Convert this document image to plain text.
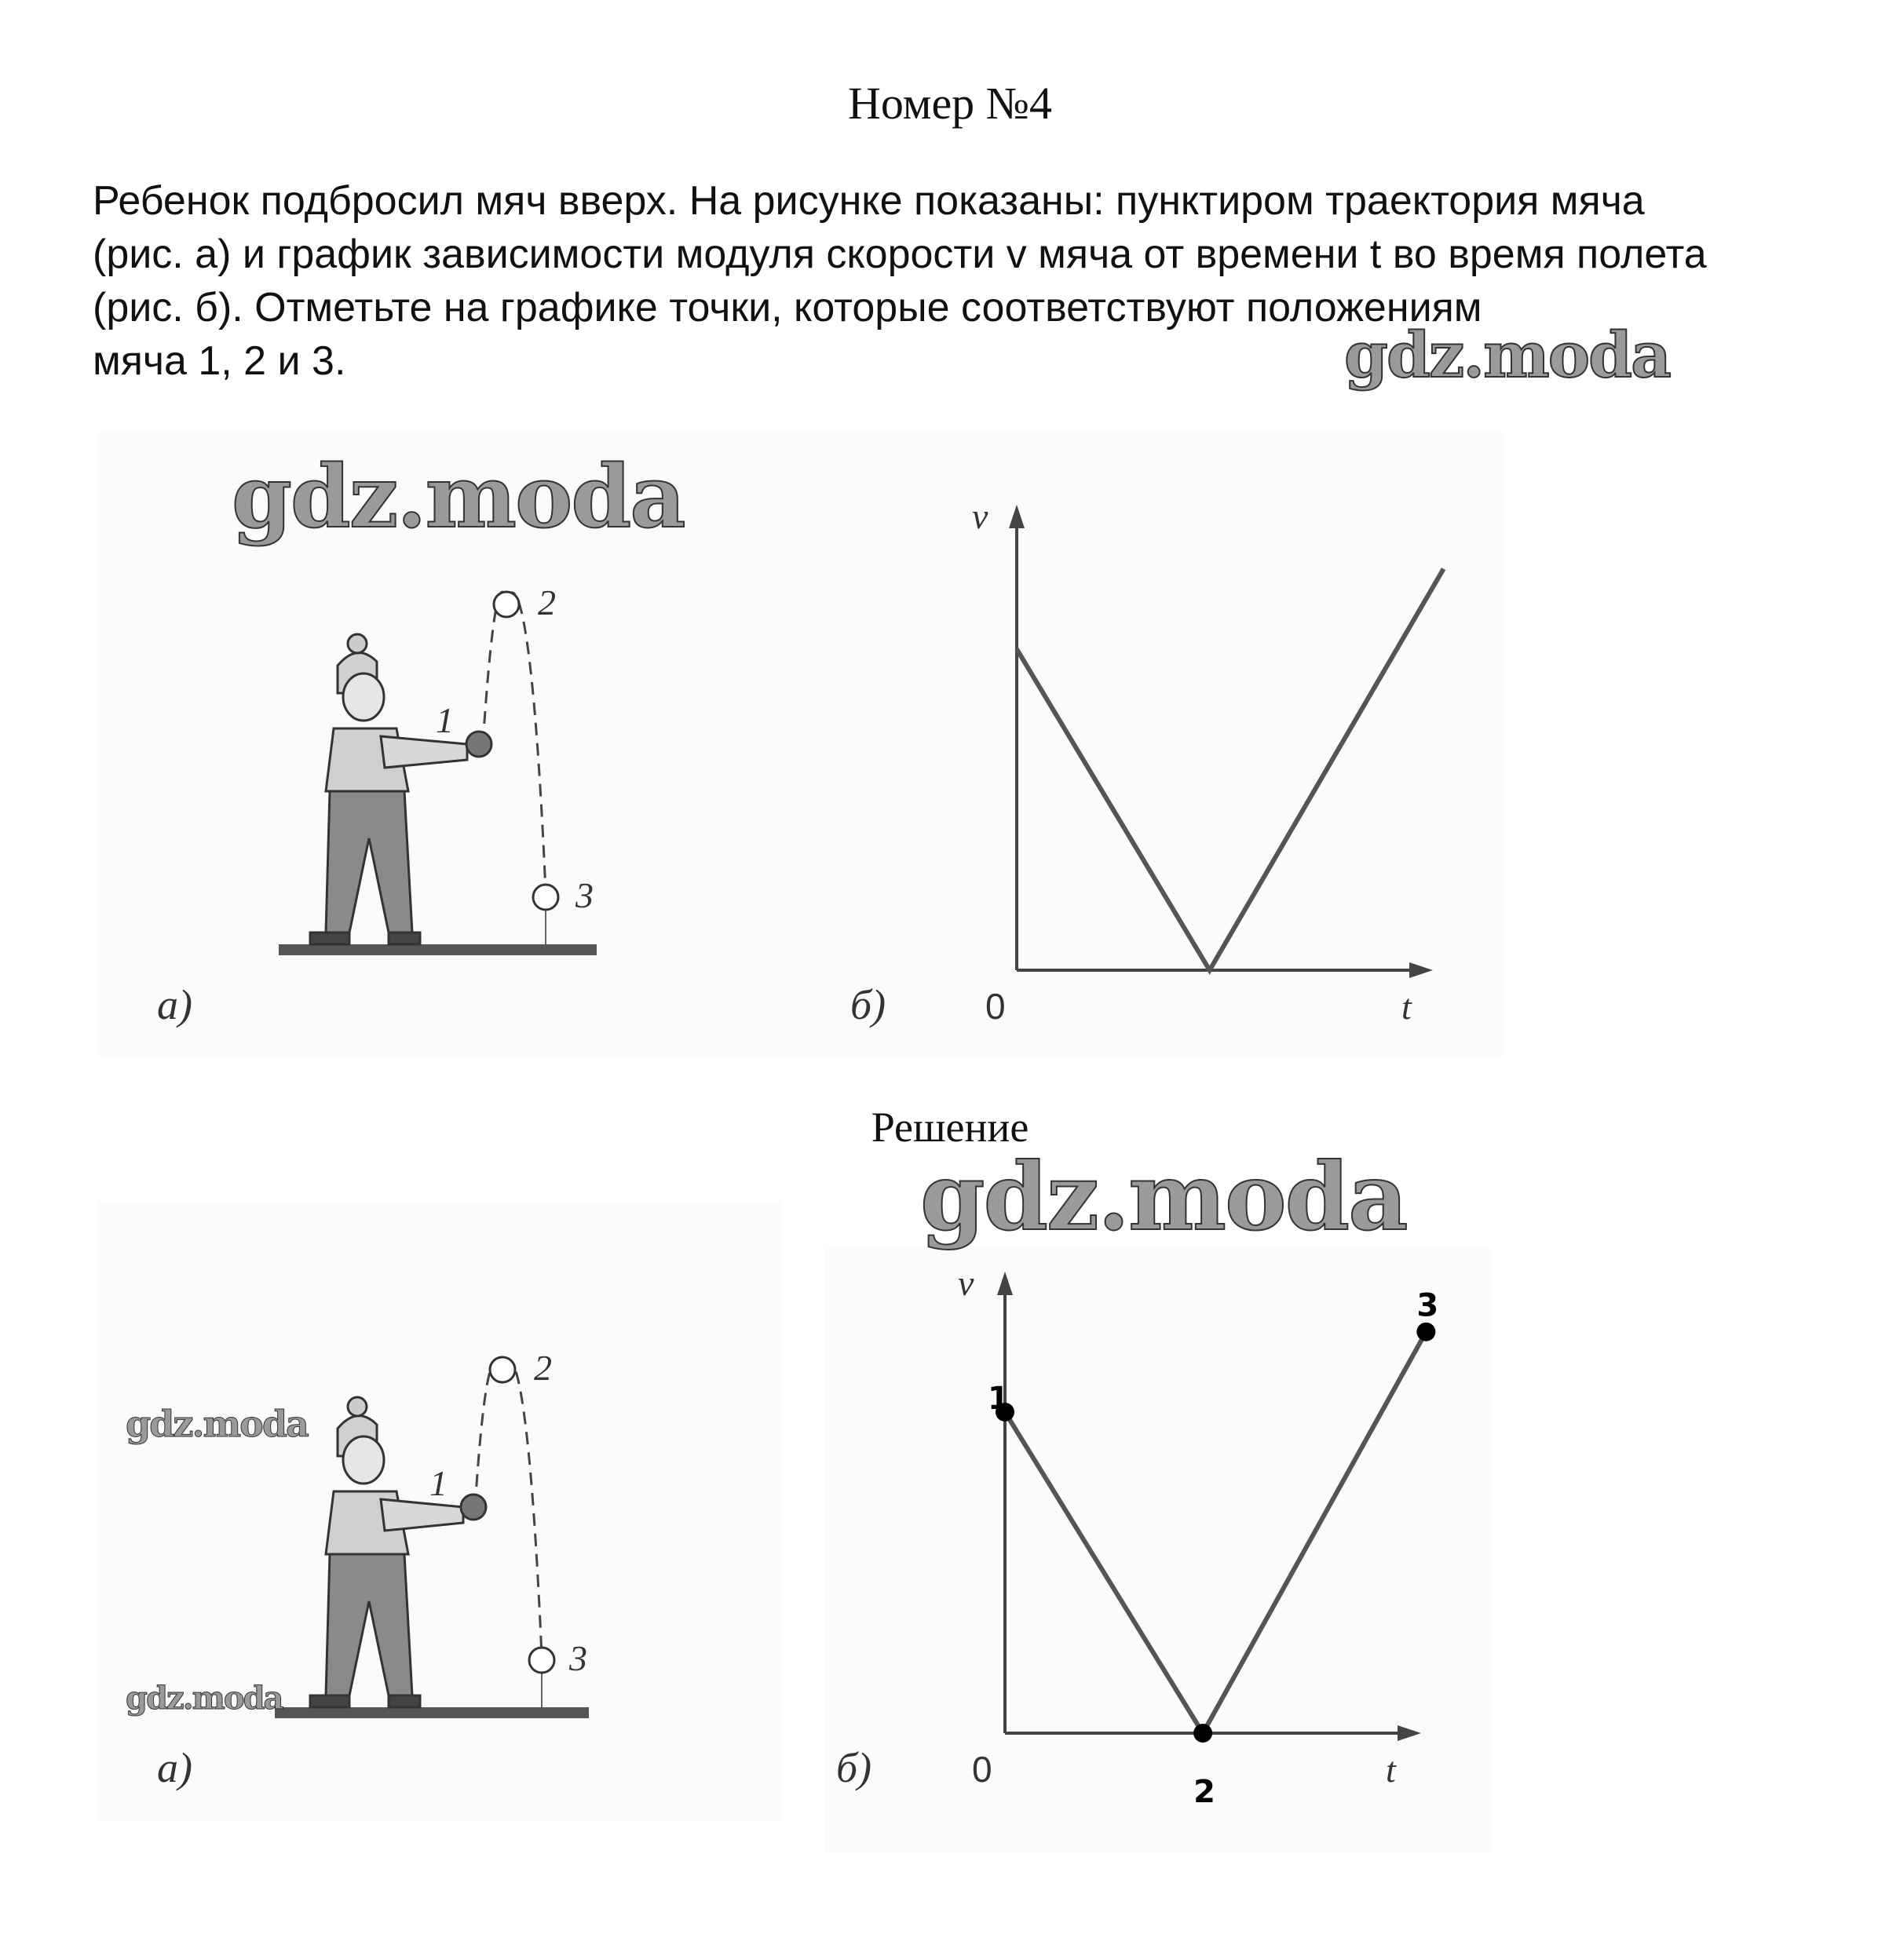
Номер №4
Ребенок подбросил мяч вверх. На рисунке показаны: пунктиром траектория мяча
(рис. а) и график зависимости модуля скорости v мяча от времени t во время полета
(рис. б). Отметьте на графике точки, которые соответствуют положениям
мяча 1, 2 и 3.	gdz.moda
1
2
3
а)
gdz.moda	v
t
0
б)
Решение
1
2
3
а)
gdz.moda
gdz.moda
1
2
3
v
t
0
б)
gdz.moda
